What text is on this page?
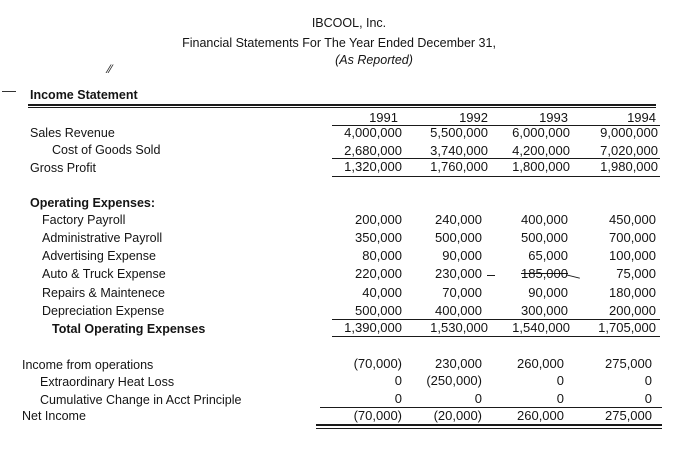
IBCOOL, Inc.
Financial Statements For The Year Ended December 31,
(As Reported)
⁄⁄
— Income Statement
1991	1992	1993	1994
Sales Revenue	4,000,000	5,500,000	6,000,000	9,000,000
Cost of Goods Sold	2,680,000	3,740,000	4,200,000	7,020,000
Gross Profit	1,320,000	1,760,000	1,800,000	1,980,000
Operating Expenses:
Factory Payroll	200,000	240,000	400,000	450,000
Administrative Payroll	350,000	500,000	500,000	700,000
Advertising Expense	80,000	90,000	65,000	100,000
Auto & Truck Expense	220,000	230,000	185,000	75,000
Repairs & Maintenece	40,000	70,000	90,000	180,000
Depreciation Expense	500,000	400,000	300,000	200,000
Total Operating Expenses	1,390,000	1,530,000	1,540,000	1,705,000
Income from operations	(70,000)	230,000	260,000	275,000
Extraordinary Heat Loss	0	(250,000)	0	0
Cumulative Change in Acct Principle	0	0	0	0
Net Income	(70,000)	(20,000)	260,000	275,000
